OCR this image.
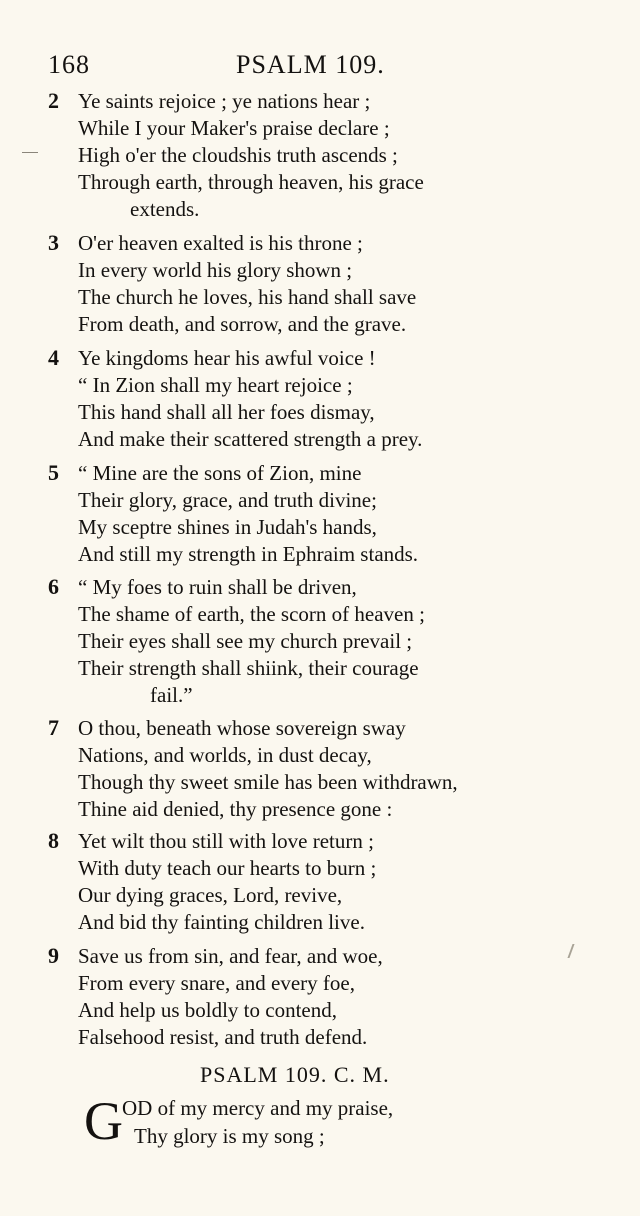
168	PSALM 109.
2 Ye saints rejoice ; ye nations hear ;
While I your Maker's praise declare ;
High o'er the cloudshis truth ascends ;
Through earth, through heaven, his grace
extends.
3 O'er heaven exalted is his throne ;
In every world his glory shown ;
The church he loves, his hand shall save
From death, and sorrow, and the grave.
4 Ye kingdoms hear his awful voice !
“ In Zion shall my heart rejoice ;
This hand shall all her foes dismay,
And make their scattered strength a prey.
5 “ Mine are the sons of Zion, mine
Their glory, grace, and truth divine;
My sceptre shines in Judah's hands,
And still my strength in Ephraim stands.
6 “ My foes to ruin shall be driven,
The shame of earth, the scorn of heaven ;
Their eyes shall see my church prevail ;
Their strength shall shiink, their courage
fail.”
7 O thou, beneath whose sovereign sway
Nations, and worlds, in dust decay,
Though thy sweet smile has been withdrawn,
Thine aid denied, thy presence gone :
8 Yet wilt thou still with love return ;
With duty teach our hearts to burn ;
Our dying graces, Lord, revive,
And bid thy fainting children live.
9 Save us from sin, and fear, and woe,
From every snare, and every foe,
And help us boldly to contend,
Falsehood resist, and truth defend.
PSALM 109. C. M.
G OD of my mercy and my praise,
Thy glory is my song ;
